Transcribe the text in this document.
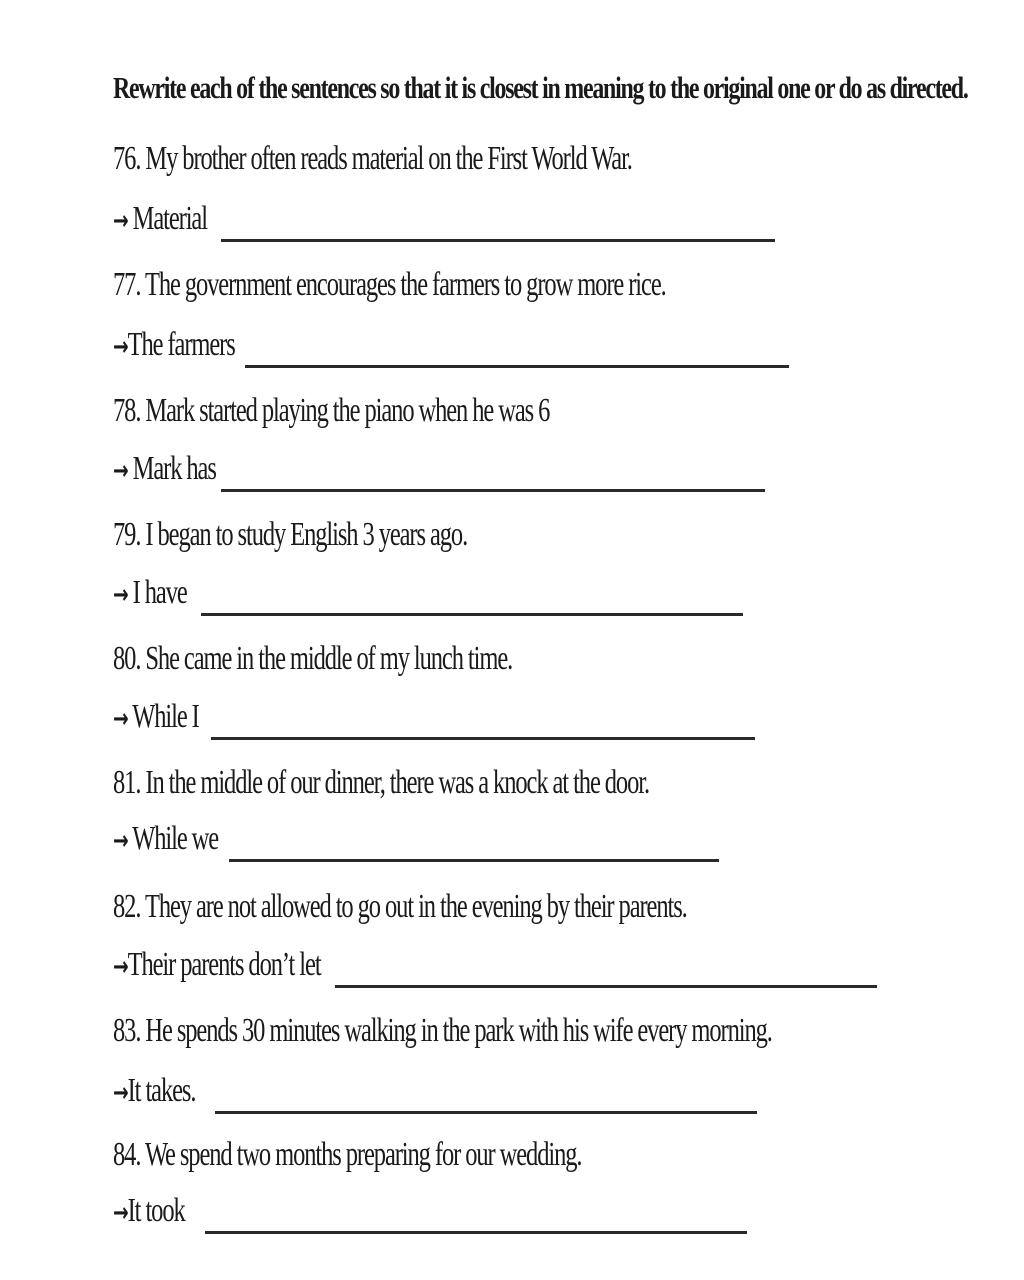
Rewrite each of the sentences so that it is closest in meaning to the original one or do as directed.
76. My brother often reads material on the First World War.
→ Material
77. The government encourages the farmers to grow more rice.
→The farmers
78. Mark started playing the piano when he was 6
→ Mark has
79. I began to study English 3 years ago.
→ I have
80. She came in the middle of my lunch time.
→ While I
81. In the middle of our dinner, there was a knock at the door.
→ While we
82. They are not allowed to go out in the evening by their parents.
→Their parents don’t let
83. He spends 30 minutes walking in the park with his wife every morning.
→It takes.
84. We spend two months preparing for our wedding.
→It took
